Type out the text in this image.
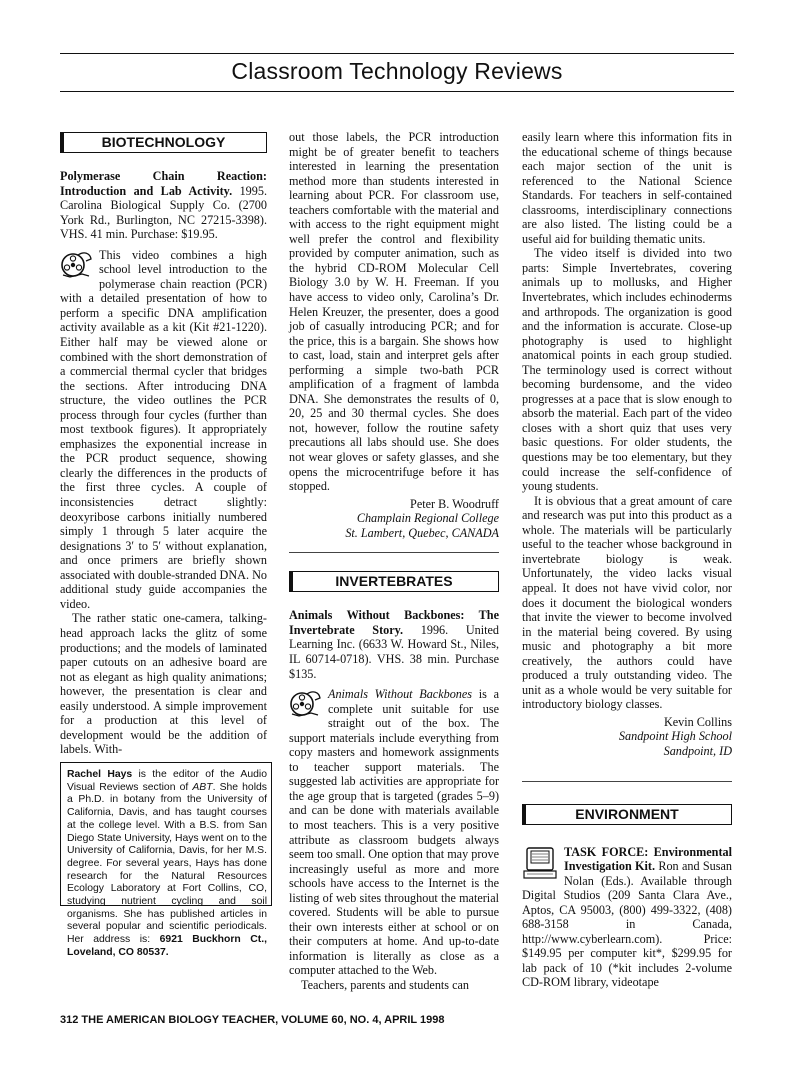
Classroom Technology Reviews
BIOTECHNOLOGY

Polymerase Chain Reaction: Introduction and Lab Activity. 1995. Carolina Biological Supply Co. (2700 York Rd., Burlington, NC 27215-3398). VHS. 41 min. Purchase: $19.95.

This video combines a high school level introduction to the polymerase chain reaction (PCR) with a detailed presentation of how to perform a specific DNA amplification activity available as a kit (Kit #21-1220). Either half may be viewed alone or combined with the short demonstration of a commercial thermal cycler that bridges the sections. After introducing DNA structure, the video outlines the PCR process through four cycles (further than most textbook figures). It appropriately emphasizes the exponential increase in the PCR product sequence, showing clearly the differences in the products of the first three cycles. A couple of inconsistencies detract slightly: deoxyribose carbons initially numbered simply 1 through 5 later acquire the designations 3′ to 5′ without explanation, and once primers are briefly shown associated with double-stranded DNA. No additional study guide accompanies the video.

The rather static one-camera, talking-head approach lacks the glitz of some productions; and the models of laminated paper cutouts on an adhesive board are not as elegant as high quality animations; however, the presentation is clear and easily understood. A simple improvement for a production at this level of development would be the addition of labels. With-

out those labels, the PCR introduction might be of greater benefit to teachers interested in learning the presentation method more than students interested in learning about PCR. For classroom use, teachers comfortable with the material and with access to the right equipment might well prefer the control and flexibility provided by computer animation, such as the hybrid CD-ROM Molecular Cell Biology 3.0 by W. H. Freeman. If you have access to video only, Carolina’s Dr. Helen Kreuzer, the presenter, does a good job of casually introducing PCR; and for the price, this is a bargain. She shows how to cast, load, stain and interpret gels after performing a simple two-bath PCR amplification of a fragment of lambda DNA. She demonstrates the results of 0, 20, 25 and 30 thermal cycles. She does not, however, follow the routine safety precautions all labs should use. She does not wear gloves or safety glasses, and she opens the microcentrifuge before it has stopped.

Peter B. Woodruff
Champlain Regional College
St. Lambert, Quebec, CANADA
INVERTEBRATES

Animals Without Backbones: The Invertebrate Story. 1996. United Learning Inc. (6633 W. Howard St., Niles, IL 60714-0718). VHS. 38 min. Purchase $135.

Animals Without Backbones is a complete unit suitable for use straight out of the box. The support materials include everything from copy masters and homework assignments to teacher support materials. The suggested lab activities are appropriate for the age group that is targeted (grades 5–9) and can be done with materials available to most teachers. This is a very positive attribute as classroom budgets always seem too small. One option that may prove increasingly useful as more and more schools have access to the Internet is the listing of web sites throughout the material covered. Students will be able to pursue their own interests either at school or on their computers at home. And up-to-date information is literally as close as a computer attached to the Web.

Teachers, parents and students can

easily learn where this information fits in the educational scheme of things because each major section of the unit is referenced to the National Science Standards. For teachers in self-contained classrooms, interdisciplinary connections are also listed. The listing could be a useful aid for building thematic units.

The video itself is divided into two parts: Simple Invertebrates, covering animals up to mollusks, and Higher Invertebrates, which includes echinoderms and arthropods. The organization is good and the information is accurate. Close-up photography is used to highlight anatomical points in each group studied. The terminology used is correct without becoming burdensome, and the video progresses at a pace that is slow enough to absorb the material. Each part of the video closes with a short quiz that uses very basic questions. For older students, the questions may be too elementary, but they could increase the self-confidence of young students.

It is obvious that a great amount of care and research was put into this product as a whole. The materials will be particularly useful to the teacher whose background in invertebrate biology is weak. Unfortunately, the video lacks visual appeal. It does not have vivid color, nor does it document the biological wonders that invite the viewer to become involved in the material being covered. By using music and photography a bit more creatively, the authors could have produced a truly outstanding video. The unit as a whole would be very suitable for introductory biology classes.

Kevin Collins
Sandpoint High School
Sandpoint, ID
ENVIRONMENT

TASK FORCE: Environmental Investigation Kit. Ron and Susan Nolan (Eds.). Available through Digital Studios (209 Santa Clara Ave., Aptos, CA 95003, (800) 499-3322, (408) 688-3158 in Canada, http://www.cyberlearn.com). Price: $149.95 per computer kit*, $299.95 for lab pack of 10 (*kit includes 2-volume CD-ROM library, videotape

Rachel Hays is the editor of the Audio Visual Reviews section of ABT. She holds a Ph.D. in botany from the University of California, Davis, and has taught courses at the college level. With a B.S. from San Diego State University, Hays went on to the University of California, Davis, for her M.S. degree. For several years, Hays has done research for the Natural Resources Ecology Laboratory at Fort Collins, CO, studying nutrient cycling and soil organisms. She has published articles in several popular and scientific periodicals. Her address is: 6921 Buckhorn Ct., Loveland, CO 80537.
312 THE AMERICAN BIOLOGY TEACHER, VOLUME 60, NO. 4, APRIL 1998
